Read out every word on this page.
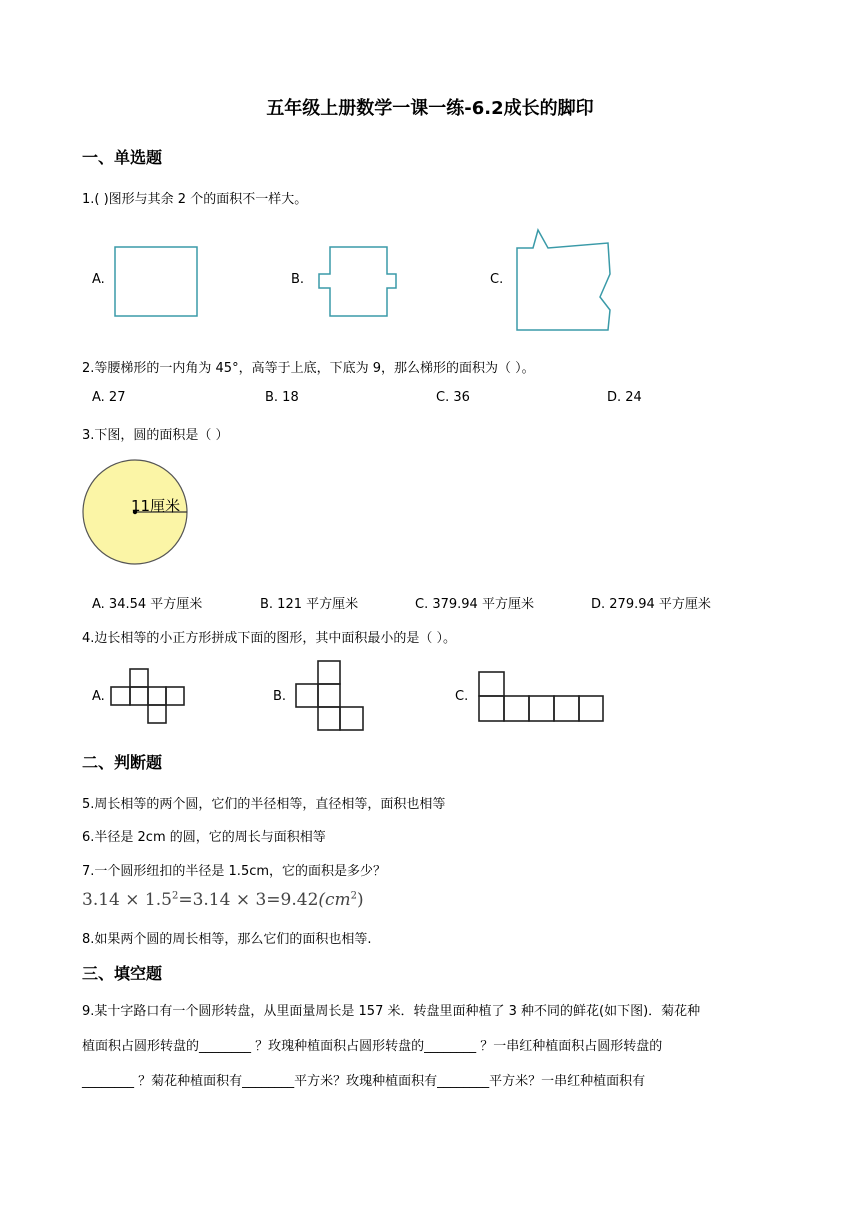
五年级上册数学一课一练-6.2成长的脚印
一、单选题
1.( )图形与其余 2 个的面积不一样大。
A.	B.	C.
2.等腰梯形的一内角为 45°，高等于上底，下底为 9，那么梯形的面积为（ ）。
A. 27	B. 18	C. 36	D. 24
3.下图，圆的面积是（ ）
11厘米
A. 34.54 平方厘米	B. 121 平方厘米	C. 379.94 平方厘米	D. 279.94 平方厘米
4.边长相等的小正方形拼成下面的图形，其中面积最小的是（ ）。
A.	B.	C.
二、判断题
5.周长相等的两个圆，它们的半径相等，直径相等，面积也相等
6.半径是 2cm 的圆，它的周长与面积相等
7.一个圆形纽扣的半径是 1.5cm，它的面积是多少？
$3.14 \times 1.5^2=3.14 \times 3=9.42(cm^2)$
8.如果两个圆的周长相等，那么它们的面积也相等.
三、填空题
9.某十字路口有一个圆形转盘，从里面量周长是 157 米．转盘里面种植了 3 种不同的鲜花(如下图)．菊花种
植面积占圆形转盘的________ ？玫瑰种植面积占圆形转盘的________ ？一串红种植面积占圆形转盘的
________ ？菊花种植面积有________平方米？玫瑰种植面积有________平方米？一串红种植面积有
